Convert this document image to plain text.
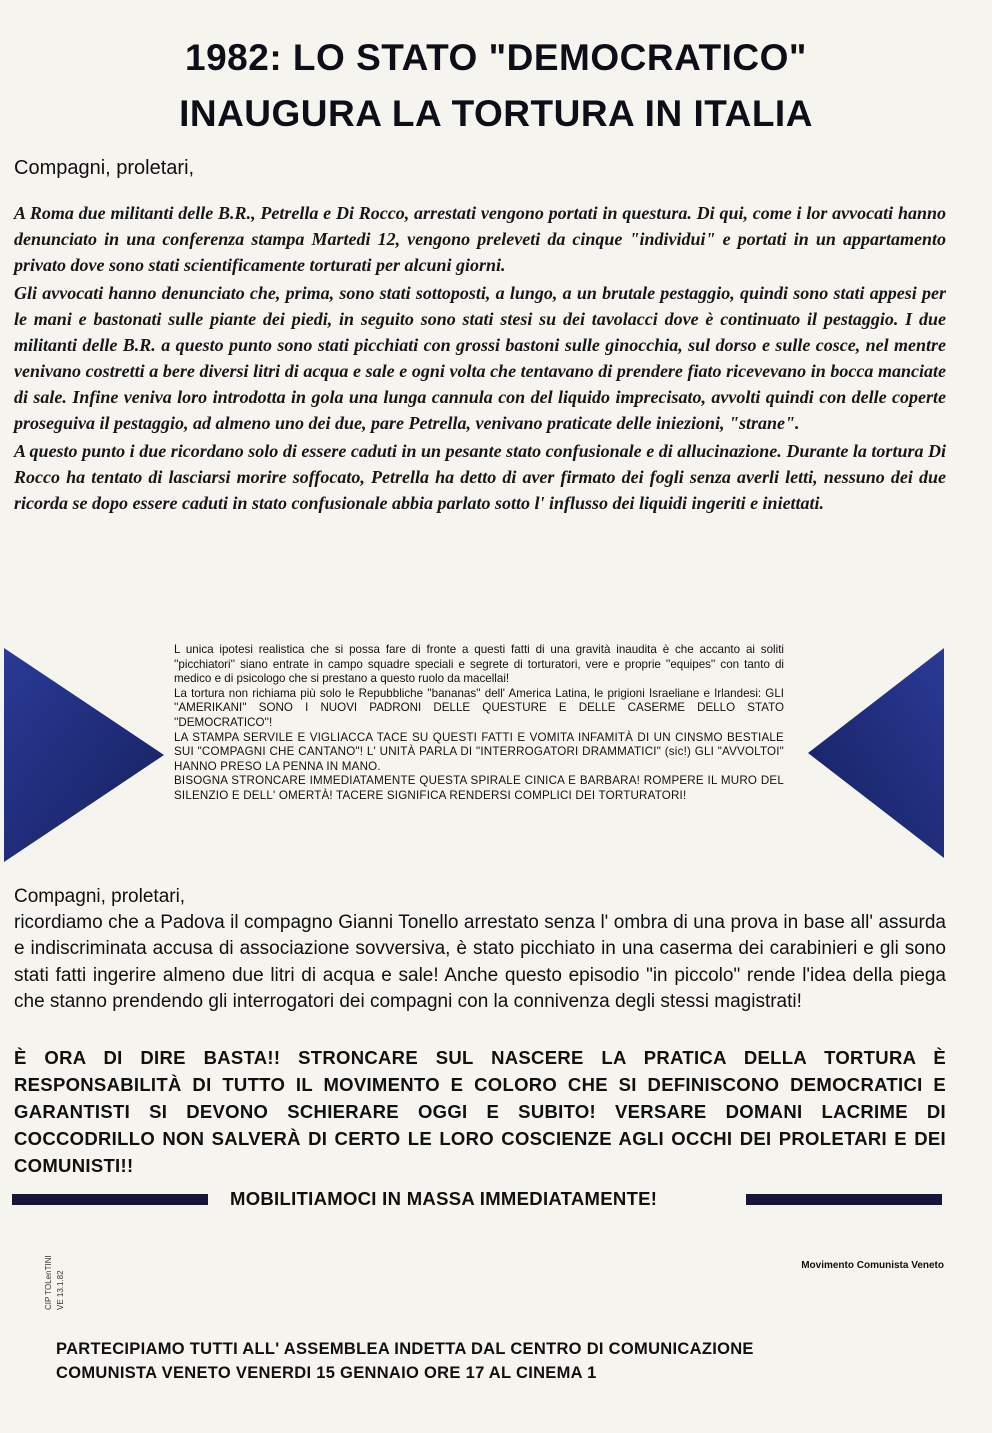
1982: LO STATO "DEMOCRATICO"
INAUGURA LA TORTURA IN ITALIA
Compagni, proletari,

A Roma due militanti delle B.R., Petrella e Di Rocco, arrestati vengono portati in questura. Di qui, come i lor avvocati hanno denunciato in una conferenza stampa Martedi 12, vengono preleveti da cinque "individui" e portati in un appartamento privato dove sono stati scientificamente torturati per alcuni giorni.

Gli avvocati hanno denunciato che, prima, sono stati sottoposti, a lungo, a un brutale pestaggio, quindi sono stati appesi per le mani e bastonati sulle piante dei piedi, in seguito sono stati stesi su dei tavolacci dove è continuato il pestaggio. I due militanti delle B.R. a questo punto sono stati picchiati con grossi bastoni sulle ginocchia, sul dorso e sulle cosce, nel mentre venivano costretti a bere diversi litri di acqua e sale e ogni volta che tentavano di prendere fiato ricevevano in bocca manciate di sale. Infine veniva loro introdotta in gola una lunga cannula con del liquido imprecisato, avvolti quindi con delle coperte proseguiva il pestaggio, ad almeno uno dei due, pare Petrella, venivano praticate delle iniezioni, "strane".

A questo punto i due ricordano solo di essere caduti in un pesante stato confusionale e di allucinazione. Durante la tortura Di Rocco ha tentato di lasciarsi morire soffocato, Petrella ha detto di aver firmato dei fogli senza averli letti, nessuno dei due ricorda se dopo essere caduti in stato confusionale abbia parlato sotto l' influsso dei liquidi ingeriti e iniettati.

L unica ipotesi realistica che si possa fare di fronte a questi fatti di una gravità inaudita è che accanto ai soliti ''picchiatori'' siano entrate in campo squadre speciali e segrete di torturatori, vere e proprie ''equipes'' con tanto di medico e di psicologo che si prestano a questo ruolo da macellai!

La tortura non richiama più solo le Repubbliche ''bananas'' dell' America Latina, le prigioni Israeliane e Irlandesi: GLI ''AMERIKANI'' SONO I NUOVI PADRONI DELLE QUESTURE E DELLE CASERME DELLO STATO ''DEMOCRATICO''!

LA STAMPA SERVILE E VIGLIACCA TACE SU QUESTI FATTI E VOMITA INFAMITÀ DI UN CINSMO BESTIALE SUI "COMPAGNI CHE CANTANO"! L' UNITÀ PARLA DI "INTERROGATORI DRAMMATICI" (sic!) GLI "AVVOLTOI" HANNO PRESO LA PENNA IN MANO.

BISOGNA STRONCARE IMMEDIATAMENTE QUESTA SPIRALE CINICA E BARBARA! ROMPERE IL MURO DEL SILENZIO E DELL' OMERTÀ! TACERE SIGNIFICA RENDERSI COMPLICI DEI TORTURATORI!

Compagni, proletari,

ricordiamo che a Padova il compagno Gianni Tonello arrestato senza l' ombra di una prova in base all' assurda e indiscriminata accusa di associazione sovversiva, è stato picchiato in una caserma dei carabinieri e gli sono stati fatti ingerire almeno due litri di acqua e sale! Anche questo episodio "in piccolo" rende l'idea della piega che stanno prendendo gli interrogatori dei compagni con la connivenza degli stessi magistrati!

È ORA DI DIRE BASTA!! STRONCARE SUL NASCERE LA PRATICA DELLA TORTURA È RESPONSABILITÀ DI TUTTO IL MOVIMENTO E COLORO CHE SI DEFINISCONO DEMOCRATICI E GARANTISTI SI DEVONO SCHIERARE OGGI E SUBITO! VERSARE DOMANI LACRIME DI COCCODRILLO NON SALVERÀ DI CERTO LE LORO COSCIENZE AGLI OCCHI DEI PROLETARI E DEI COMUNISTI!!
MOBILITIAMOCI IN MASSA IMMEDIATAMENTE!
CIP TOLenTINI VE 13.1.82
Movimento Comunista Veneto
PARTECIPIAMO TUTTI ALL' ASSEMBLEA INDETTA DAL CENTRO DI COMUNICAZIONE
COMUNISTA VENETO VENERDI 15 GENNAIO ORE 17 AL CINEMA 1
